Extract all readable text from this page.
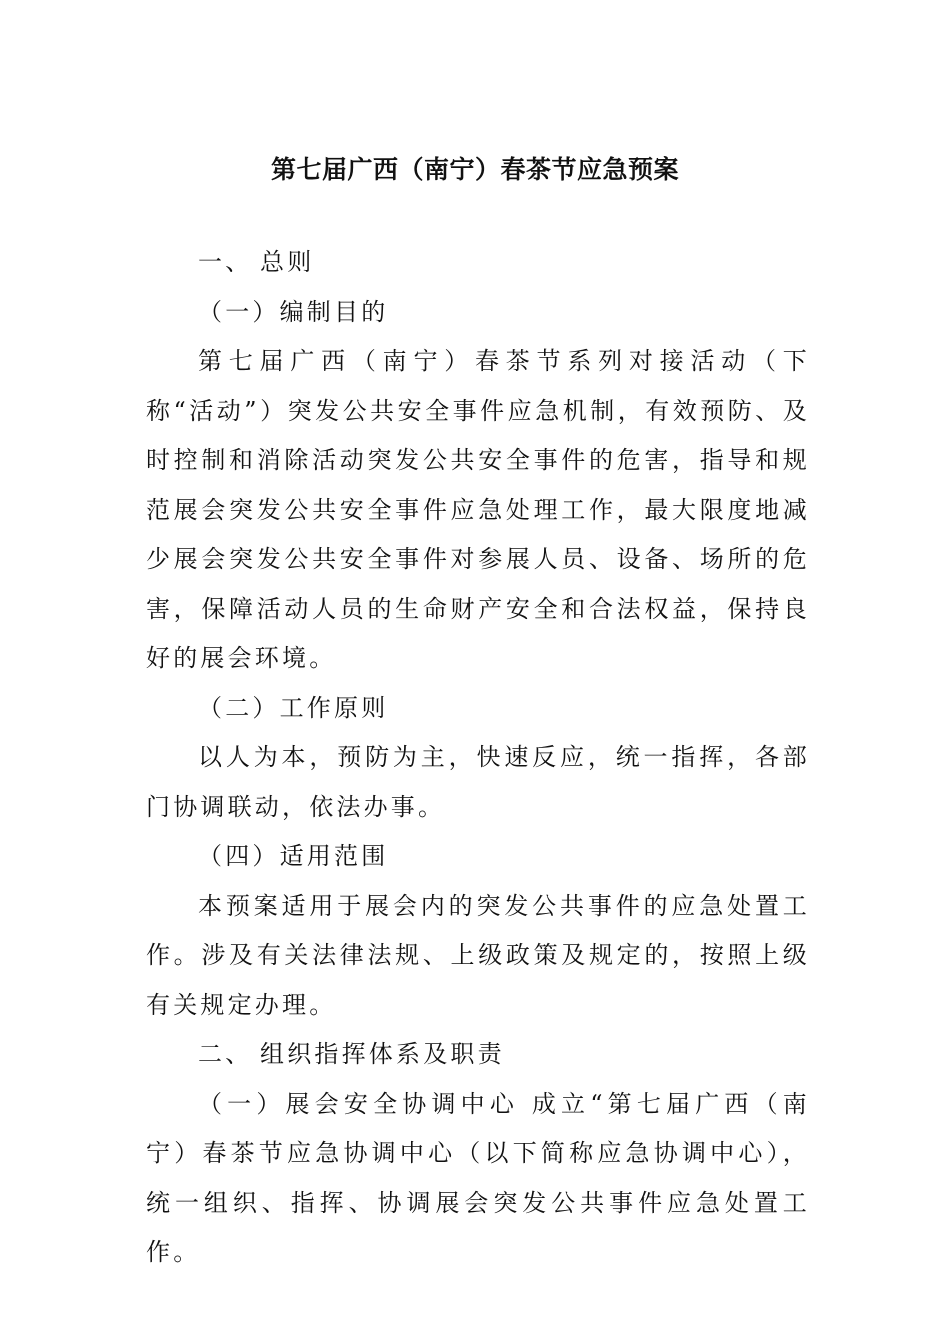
第七届广西（南宁）春茶节应急预案

一、 总则

（一）编制目的

第七届广西（南宁）春茶节系列对接活动（下称“活动”）突发公共安全事件应急机制，有效预防、及时控制和消除活动突发公共安全事件的危害，指导和规范展会突发公共安全事件应急处理工作，最大限度地减少展会突发公共安全事件对参展人员、设备、场所的危害，保障活动人员的生命财产安全和合法权益，保持良好的展会环境。

（二）工作原则

以人为本，预防为主，快速反应，统一指挥，各部门协调联动，依法办事。

（四）适用范围

本预案适用于展会内的突发公共事件的应急处置工作。涉及有关法律法规、上级政策及规定的，按照上级有关规定办理。

二、 组织指挥体系及职责

（一）展会安全协调中心 成立“第七届广西（南宁）春茶节应急协调中心（以下简称应急协调中心），统一组织、指挥、协调展会突发公共事件应急处置工作。
